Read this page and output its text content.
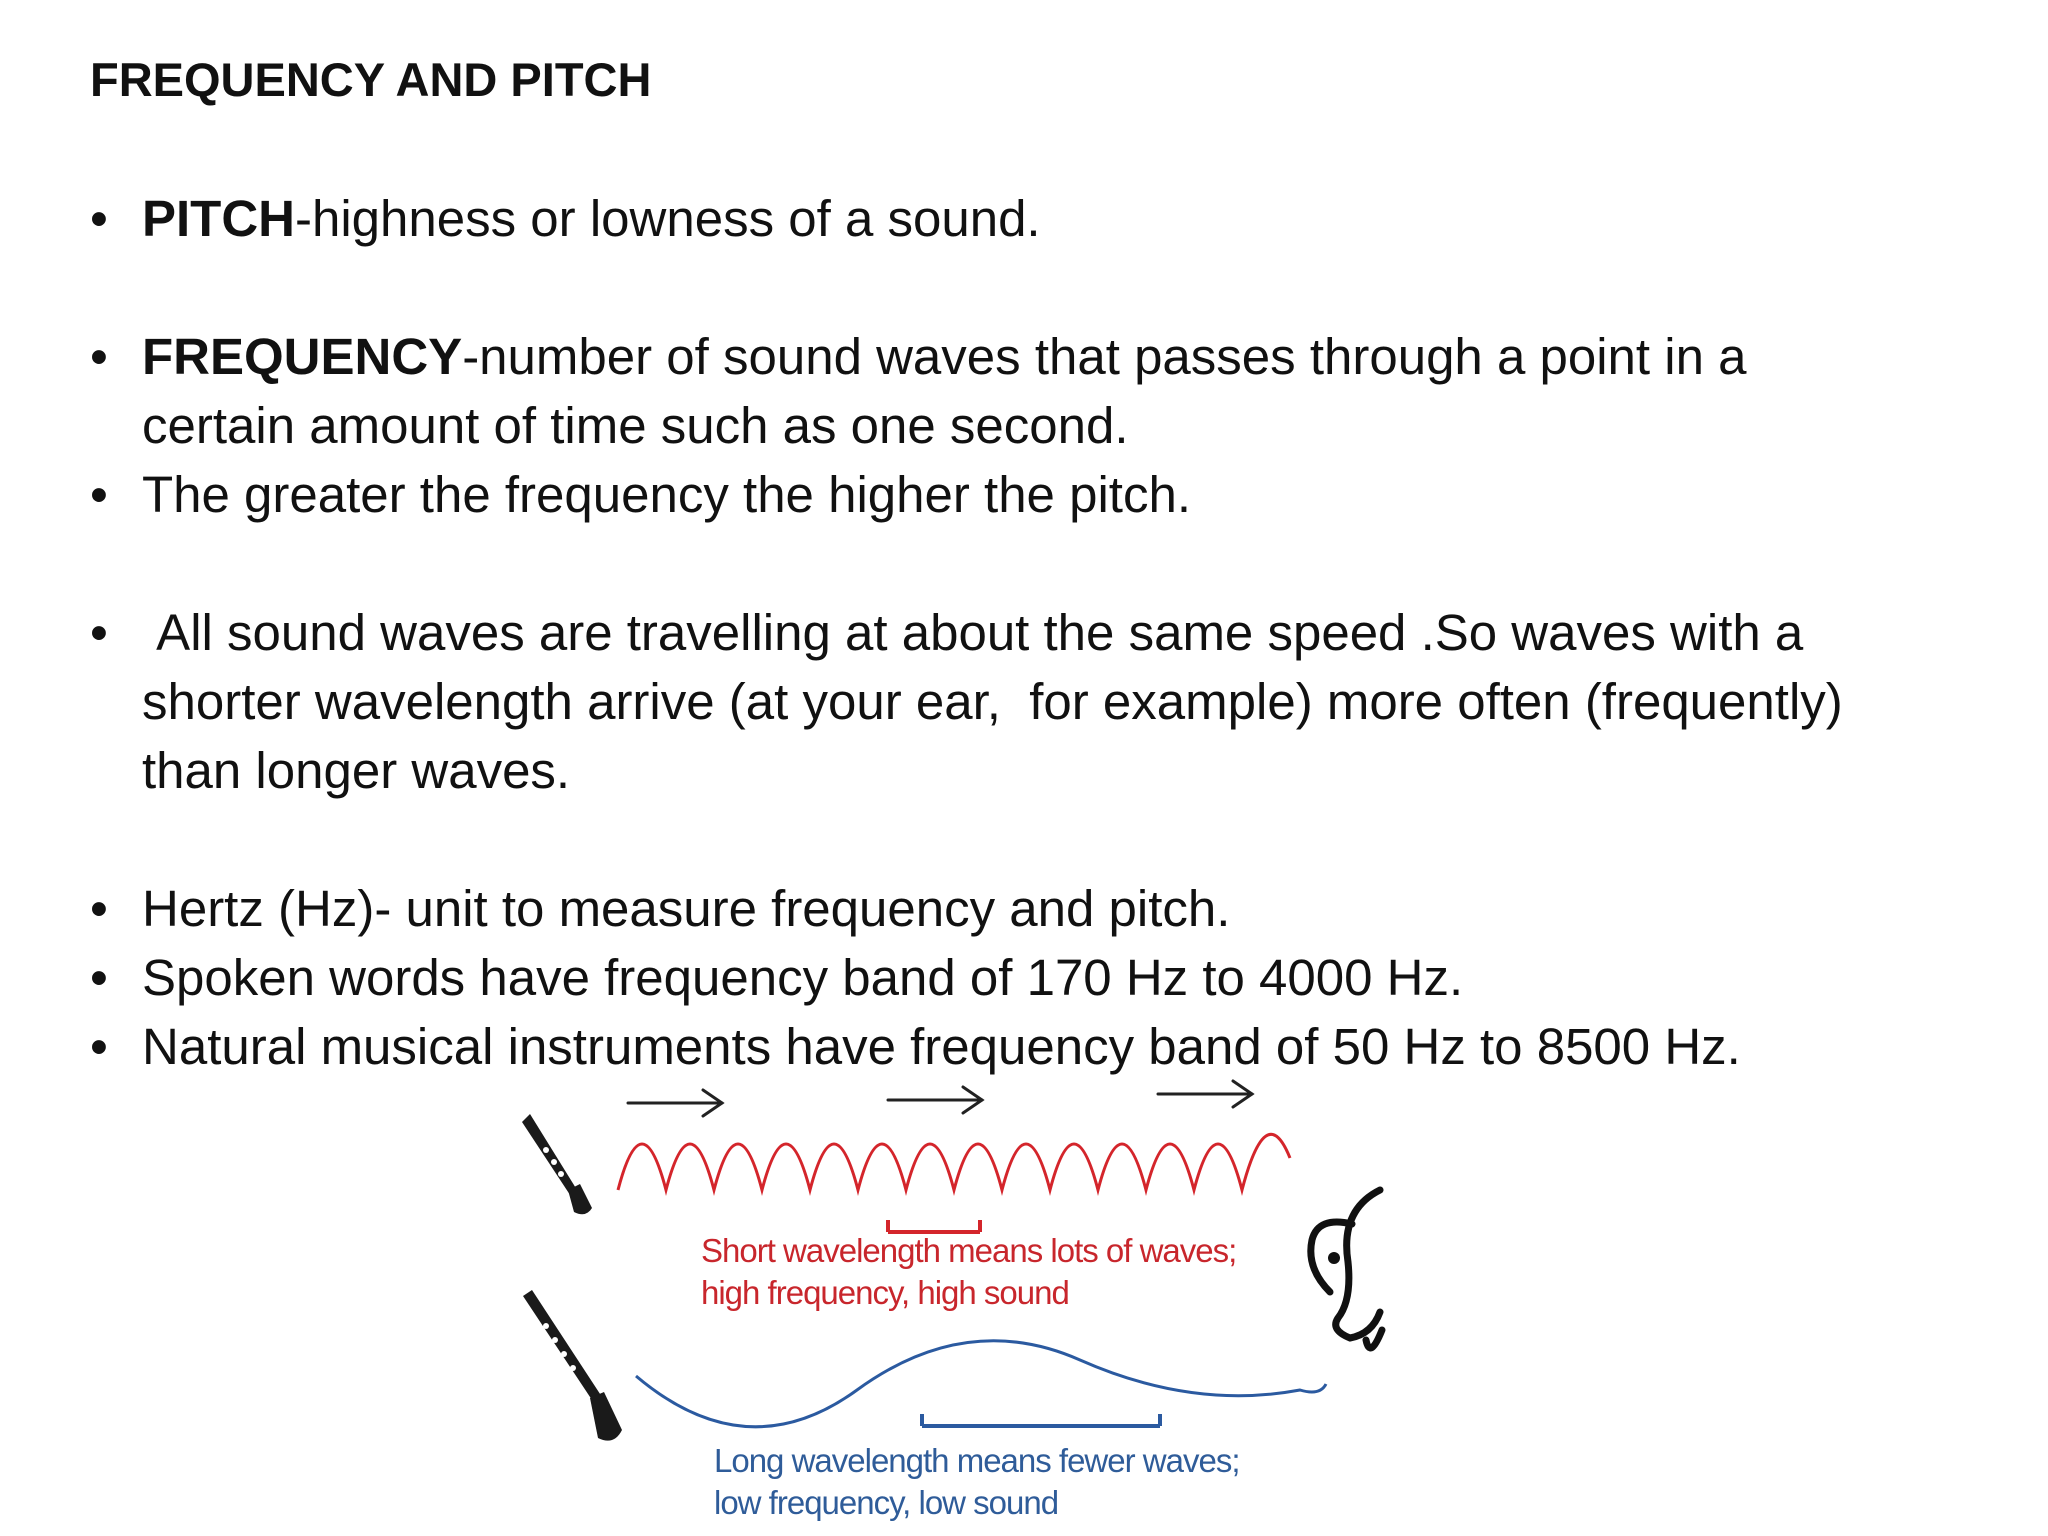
FREQUENCY AND PITCH
• PITCH-highness or lowness of a sound.
• FREQUENCY-number of sound waves that passes through a point in a certain amount of time such as one second.
• The greater the frequency the higher the pitch.
• All sound waves are travelling at about the same speed .So waves with a shorter wavelength arrive (at your ear,  for example) more often (frequently) than longer waves.
• Hertz (Hz)- unit to measure frequency and pitch.
• Spoken words have frequency band of 170 Hz to 4000 Hz.
• Natural musical instruments have frequency band of 50 Hz to 8500 Hz.
Short wavelength means lots of waves;
high frequency, high sound
Long wavelength means fewer waves;
low frequency, low sound
